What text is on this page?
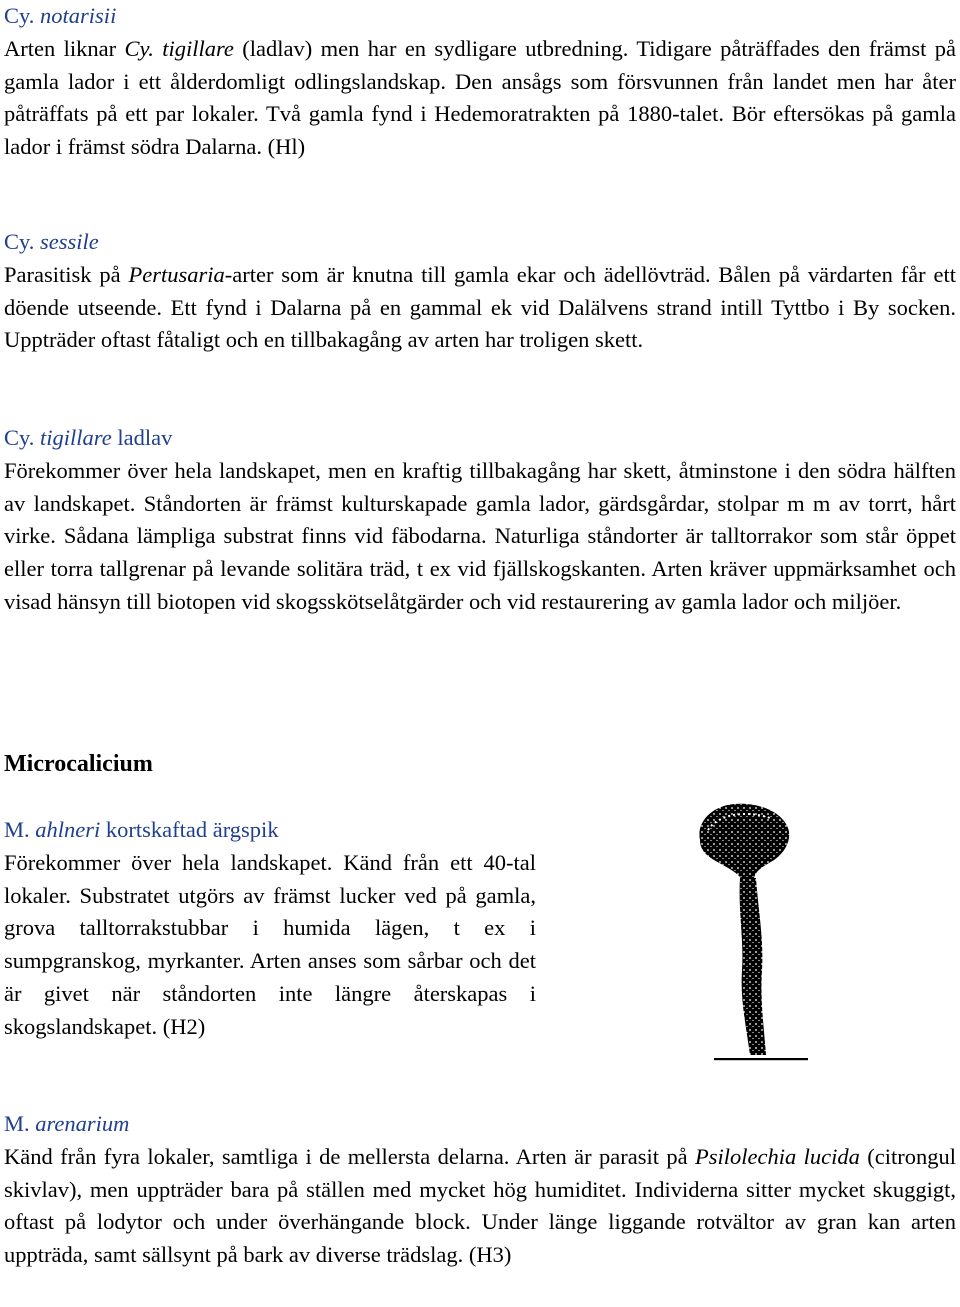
Cy. notarisii

Arten liknar Cy. tigillare (ladlav) men har en sydligare utbredning. Tidigare påträffades den främst på gamla lador i ett ålderdomligt odlingslandskap. Den ansågs som försvunnen från landet men har åter påträffats på ett par lokaler. Två gamla fynd i Hedemoratrakten på 1880-talet. Bör eftersökas på gamla lador i främst södra Dalarna. (Hl)

Cy. sessile

Parasitisk på Pertusaria-arter som är knutna till gamla ekar och ädellövträd. Bålen på värdarten får ett döende utseende. Ett fynd i Dalarna på en gammal ek vid Dalälvens strand intill Tyttbo i By socken. Uppträder oftast fåtaligt och en tillbakagång av arten har troligen skett.

Cy. tigillare ladlav

Förekommer över hela landskapet, men en kraftig tillbakagång har skett, åtminstone i den södra hälften av landskapet. Ståndorten är främst kulturskapade gamla lador, gärdsgårdar, stolpar m m av torrt, hårt virke. Sådana lämpliga substrat finns vid fäbodarna. Naturliga ståndorter är talltorrakor som står öppet eller torra tallgrenar på levande solitära träd, t ex vid fjällskogskanten. Arten kräver uppmärksamhet och visad hänsyn till biotopen vid skogsskötselåtgärder och vid restaurering av gamla lador och miljöer.

Microcalicium

M. ahlneri kortskaftad ärgspik

Förekommer över hela landskapet. Känd från ett 40-tal lokaler. Substratet utgörs av främst lucker ved på gamla, grova talltorrakstubbar i humida lägen, t ex i sumpgranskog, myrkanter. Arten anses som sårbar och det är givet när ståndorten inte längre återskapas i skogslandskapet. (H2)

M. arenarium

Känd från fyra lokaler, samtliga i de mellersta delarna. Arten är parasit på Psilolechia lucida (citrongul skivlav), men uppträder bara på ställen med mycket hög humiditet. Individerna sitter mycket skuggigt, oftast på lodytor och under överhängande block. Under länge liggande rotvältor av gran kan arten uppträda, samt sällsynt på bark av diverse trädslag. (H3)
